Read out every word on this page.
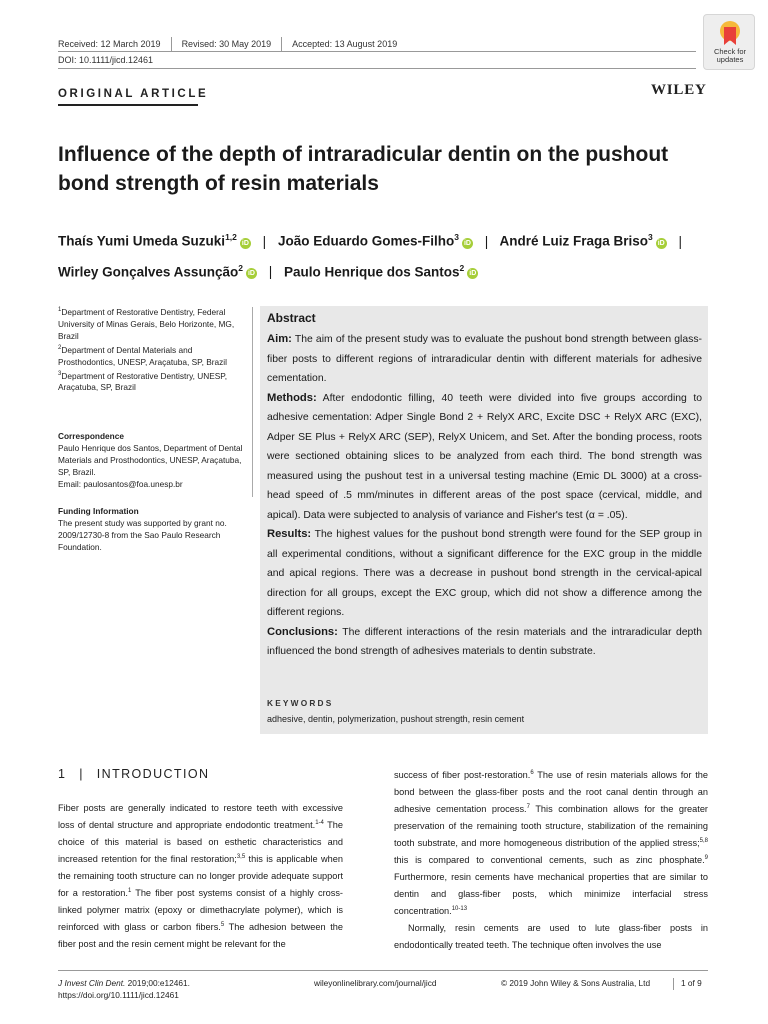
Received: 12 March 2019 Revised: 30 May 2019 Accepted: 13 August 2019
DOI: 10.1111/jicd.12461
Check for
updates
ORIGINAL ARTICLE	WILEY
Influence of the depth of intraradicular dentin on the pushout
bond strength of resin materials
Thaís Yumi Umeda Suzuki$^{1,2}$iD | João Eduardo Gomes-Filho$^3$iD | André Luiz Fraga Briso$^3$iD |
Wirley Gonçalves Assunção$^2$iD | Paulo Henrique dos Santos$^2$iD

$^1$Department of Restorative Dentistry, Federal University of Minas Gerais, Belo Horizonte, MG, Brazil

$^2$Department of Dental Materials and Prosthodontics, UNESP, Araçatuba, SP, Brazil

$^3$Department of Restorative Dentistry, UNESP, Araçatuba, SP, Brazil

Correspondence

Paulo Henrique dos Santos, Department of Dental Materials and Prosthodontics, UNESP, Araçatuba, SP, Brazil.

Email: paulosantos@foa.unesp.br

Funding Information

The present study was supported by grant no. 2009/12730-8 from the Sao Paulo Research Foundation.

Abstract

Aim: The aim of the present study was to evaluate the pushout bond strength between glass-fiber posts to different regions of intraradicular dentin with different materials for adhesive cementation.

Methods: After endodontic filling, 40 teeth were divided into five groups according to adhesive cementation: Adper Single Bond 2 + RelyX ARC, Excite DSC + RelyX ARC (EXC), Adper SE Plus + RelyX ARC (SEP), RelyX Unicem, and Set. After the bonding process, roots were sectioned obtaining slices to be analyzed from each third. The bond strength was measured using the pushout test in a universal testing machine (Emic DL 3000) at a cross-head speed of .5 mm/minutes in different areas of the post space (cervical, middle, and apical). Data were subjected to analysis of variance and Fisher's test (α = .05).

Results: The highest values for the pushout bond strength were found for the SEP group in all experimental conditions, without a significant difference for the EXC group in the middle and apical regions. There was a decrease in pushout bond strength in the cervical-apical direction for all groups, except the EXC group, which did not show a difference among the different regions.

Conclusions: The different interactions of the resin materials and the intraradicular depth influenced the bond strength of adhesives materials to dentin substrate.

KEYWORDS
adhesive, dentin, polymerization, pushout strength, resin cement
1 | INTRODUCTION

Fiber posts are generally indicated to restore teeth with excessive loss of dental structure and appropriate endodontic treatment.$^{1-4}$ The choice of this material is based on esthetic characteristics and increased retention for the final restoration;$^{3,5}$ this is applicable when the remaining tooth structure can no longer provide adequate support for a restoration.$^1$ The fiber post systems consist of a highly cross-linked polymer matrix (epoxy or dimethacrylate polymer), which is reinforced with glass or carbon fibers.$^5$ The adhesion between the fiber post and the resin cement might be relevant for the

success of fiber post-restoration.$^6$ The use of resin materials allows for the bond between the glass-fiber posts and the root canal dentin through an adhesive cementation process.$^7$ This combination allows for the greater preservation of the remaining tooth structure, stabilization of the remaining tooth substrate, and more homogeneous distribution of the applied stress;$^{5,8}$ this is compared to conventional cements, such as zinc phosphate.$^9$ Furthermore, resin cements have mechanical properties that are similar to dentin and glass-fiber posts, which minimize interfacial stress concentration.$^{10-13}$

Normally, resin cements are used to lute glass-fiber posts in endodontically treated teeth. The technique often involves the use

J Invest Clin Dent. 2019;00:e12461.
https://doi.org/10.1111/jicd.12461
wileyonlinelibrary.com/journal/jicd	© 2019 John Wiley & Sons Australia, Ltd	1 of 9
